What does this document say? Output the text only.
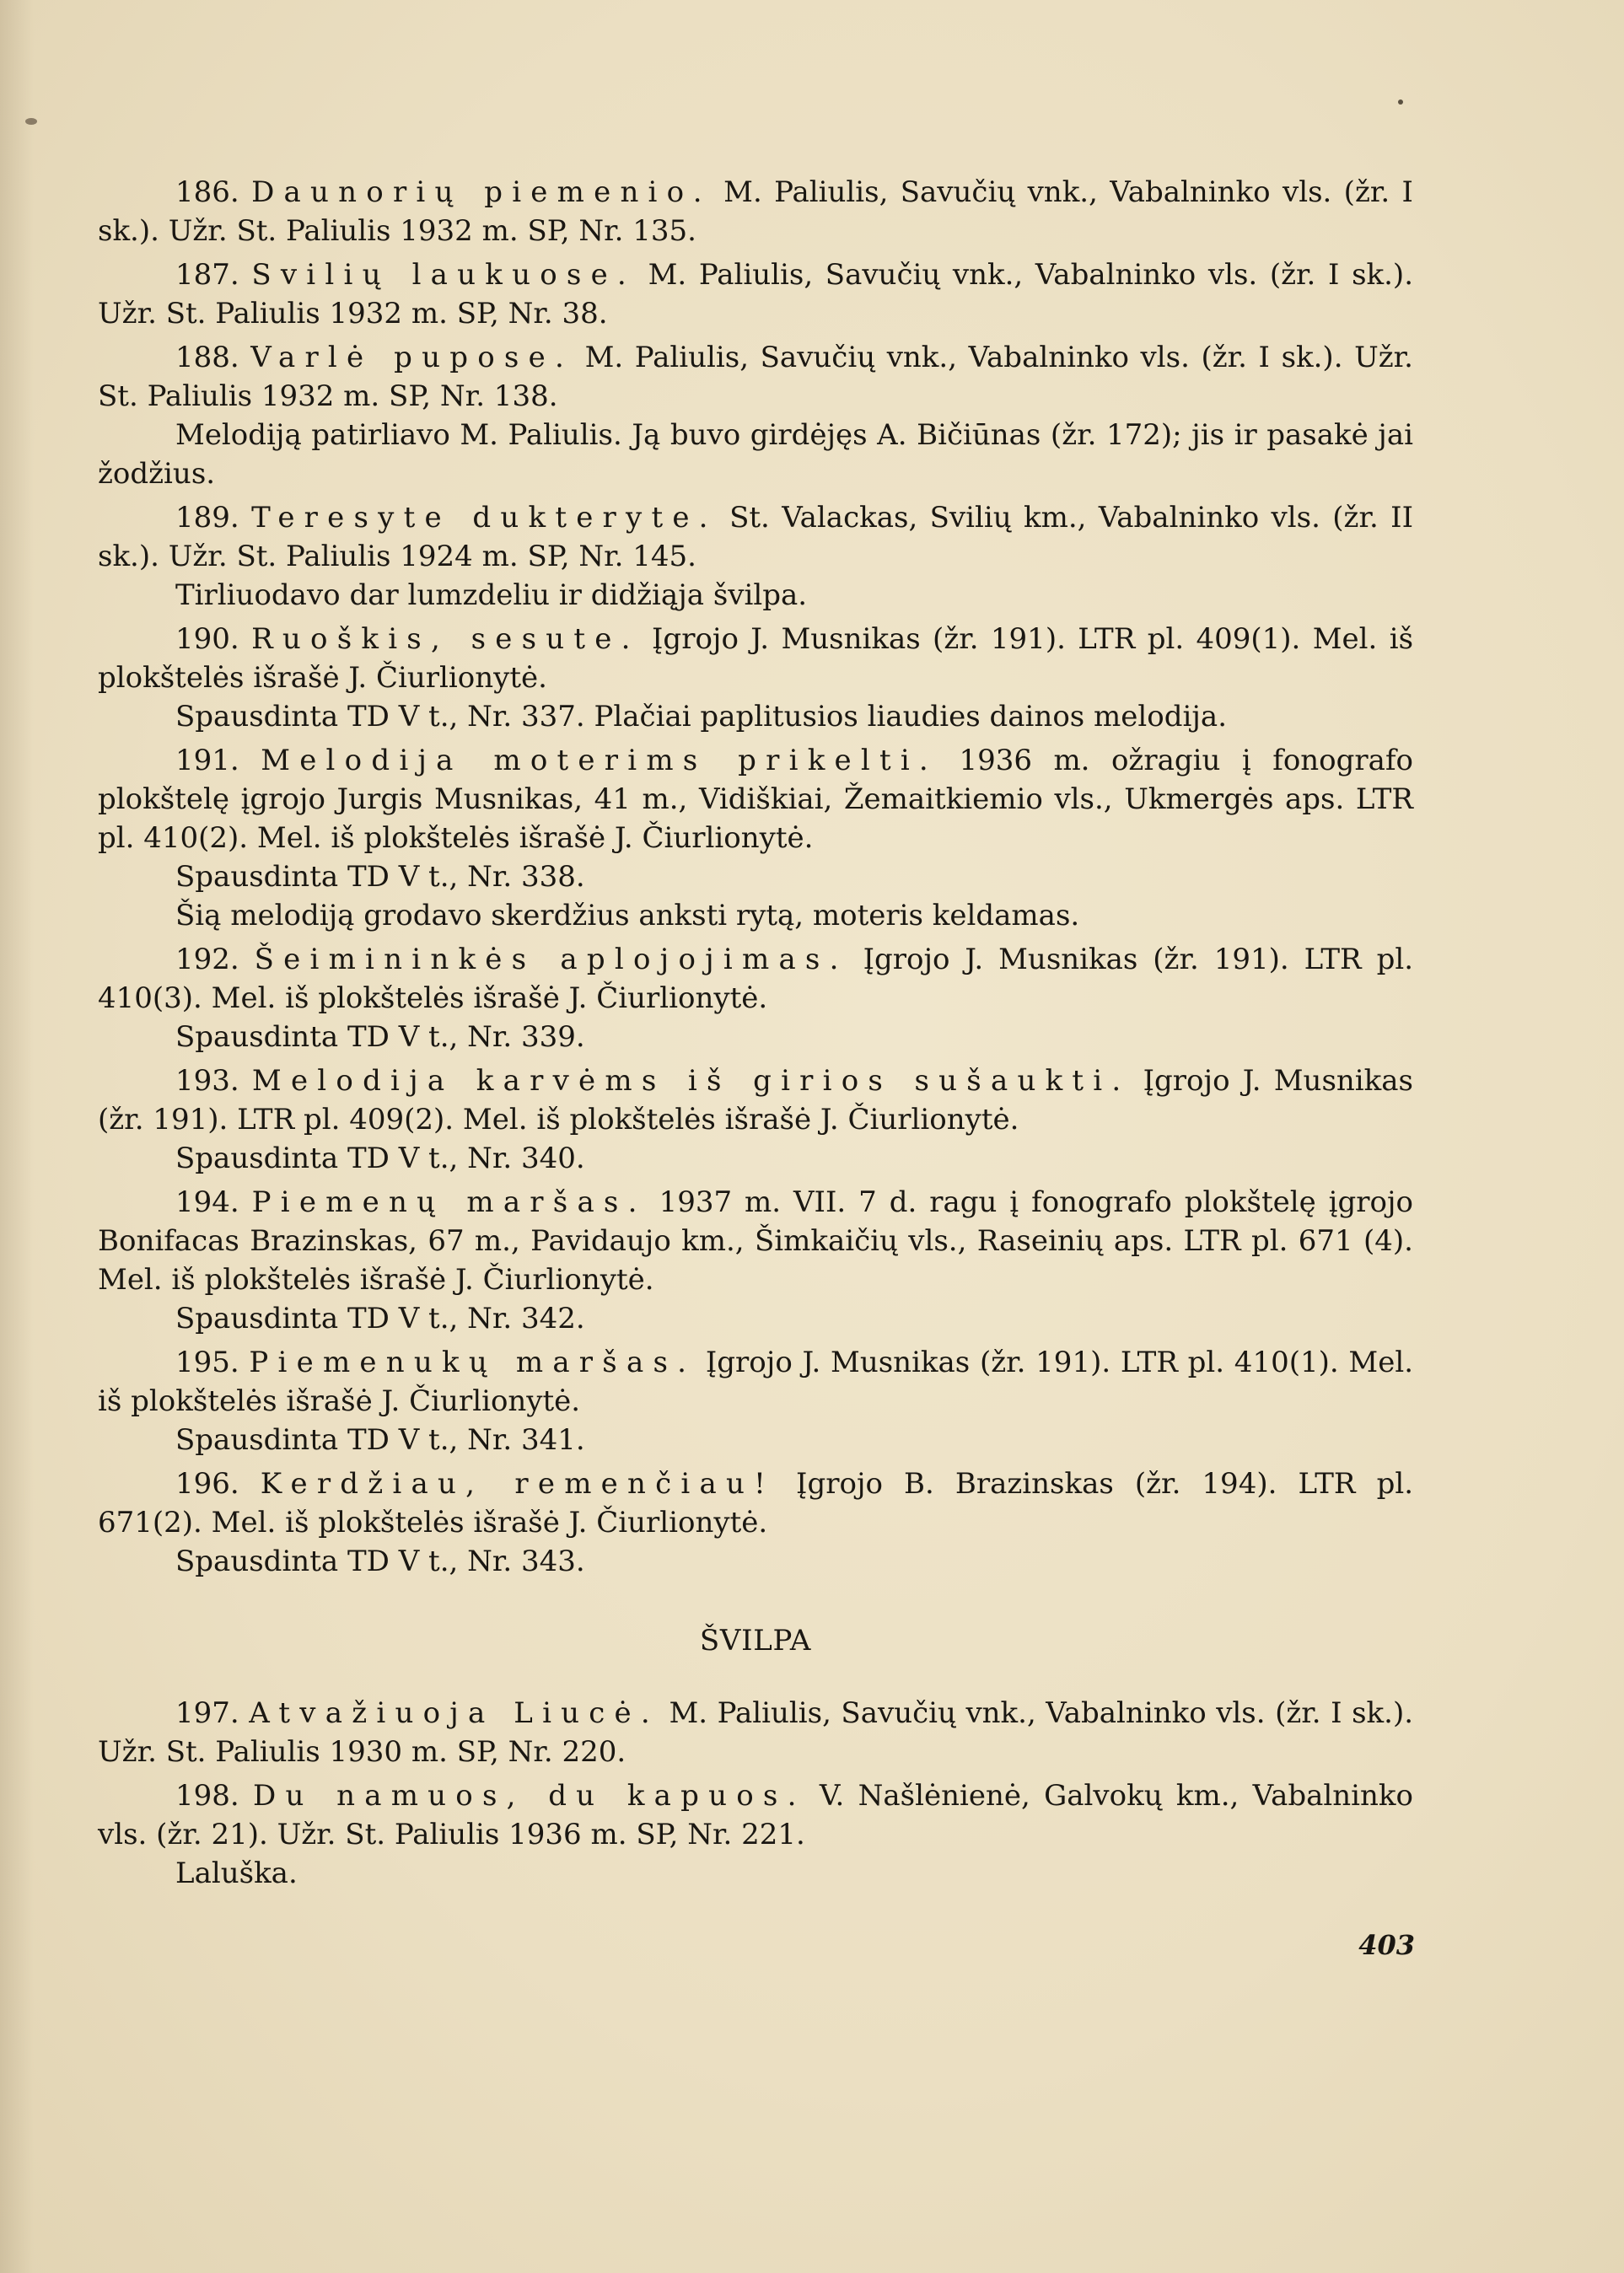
186. Daunorių piemenio. M. Paliulis, Savučių vnk., Vabalninko vls. (žr. I sk.). Užr. St. Paliulis 1932 m. SP, Nr. 135.

187. Svilių laukuose. M. Paliulis, Savučių vnk., Vabalninko vls. (žr. I sk.). Užr. St. Paliulis 1932 m. SP, Nr. 38.

188. Varlė pupose. M. Paliulis, Savučių vnk., Vabalninko vls. (žr. I sk.). Užr. St. Paliulis 1932 m. SP, Nr. 138.

Melodiją patirliavo M. Paliulis. Ją buvo girdėjęs A. Bičiūnas (žr. 172); jis ir pasakė jai žodžius.

189. Teresyte dukteryte. St. Valackas, Svilių km., Vabalninko vls. (žr. II sk.). Užr. St. Paliulis 1924 m. SP, Nr. 145.

Tirliuodavo dar lumzdeliu ir didžiąja švilpa.

190. Ruoškis, sesute. Įgrojo J. Musnikas (žr. 191). LTR pl. 409(1). Mel. iš plokštelės išrašė J. Čiurlionytė.

Spausdinta TD V t., Nr. 337. Plačiai paplitusios liaudies dainos melodija.

191. Melodija moterims prikelti. 1936 m. ožragiu į fonografo plokštelę įgrojo Jurgis Musnikas, 41 m., Vidiškiai, Žemaitkiemio vls., Ukmergės aps. LTR pl. 410(2). Mel. iš plokštelės išrašė J. Čiurlionytė.

Spausdinta TD V t., Nr. 338.

Šią melodiją grodavo skerdžius anksti rytą, moteris keldamas.

192. Šeimininkės aplojojimas. Įgrojo J. Musnikas (žr. 191). LTR pl. 410(3). Mel. iš plokštelės išrašė J. Čiurlionytė.

Spausdinta TD V t., Nr. 339.

193. Melodija karvėms iš girios sušaukti. Įgrojo J. Musnikas (žr. 191). LTR pl. 409(2). Mel. iš plokštelės išrašė J. Čiurlionytė.

Spausdinta TD V t., Nr. 340.

194. Piemenų maršas. 1937 m. VII. 7 d. ragu į fonografo plokštelę įgrojo Bonifacas Brazinskas, 67 m., Pavidaujo km., Šimkaičių vls., Raseinių aps. LTR pl. 671 (4). Mel. iš plokštelės išrašė J. Čiurlionytė.

Spausdinta TD V t., Nr. 342.

195. Piemenukų maršas. Įgrojo J. Musnikas (žr. 191). LTR pl. 410(1). Mel. iš plokštelės išrašė J. Čiurlionytė.

Spausdinta TD V t., Nr. 341.

196. Kerdžiau, remenčiau! Įgrojo B. Brazinskas (žr. 194). LTR pl. 671(2). Mel. iš plokštelės išrašė J. Čiurlionytė.

Spausdinta TD V t., Nr. 343.

ŠVILPA

197. Atvažiuoja Liucė. M. Paliulis, Savučių vnk., Vabalninko vls. (žr. I sk.). Užr. St. Paliulis 1930 m. SP, Nr. 220.

198. Du namuos, du kapuos. V. Našlėnienė, Galvokų km., Vabalninko vls. (žr. 21). Užr. St. Paliulis 1936 m. SP, Nr. 221.

Laluška.

403
